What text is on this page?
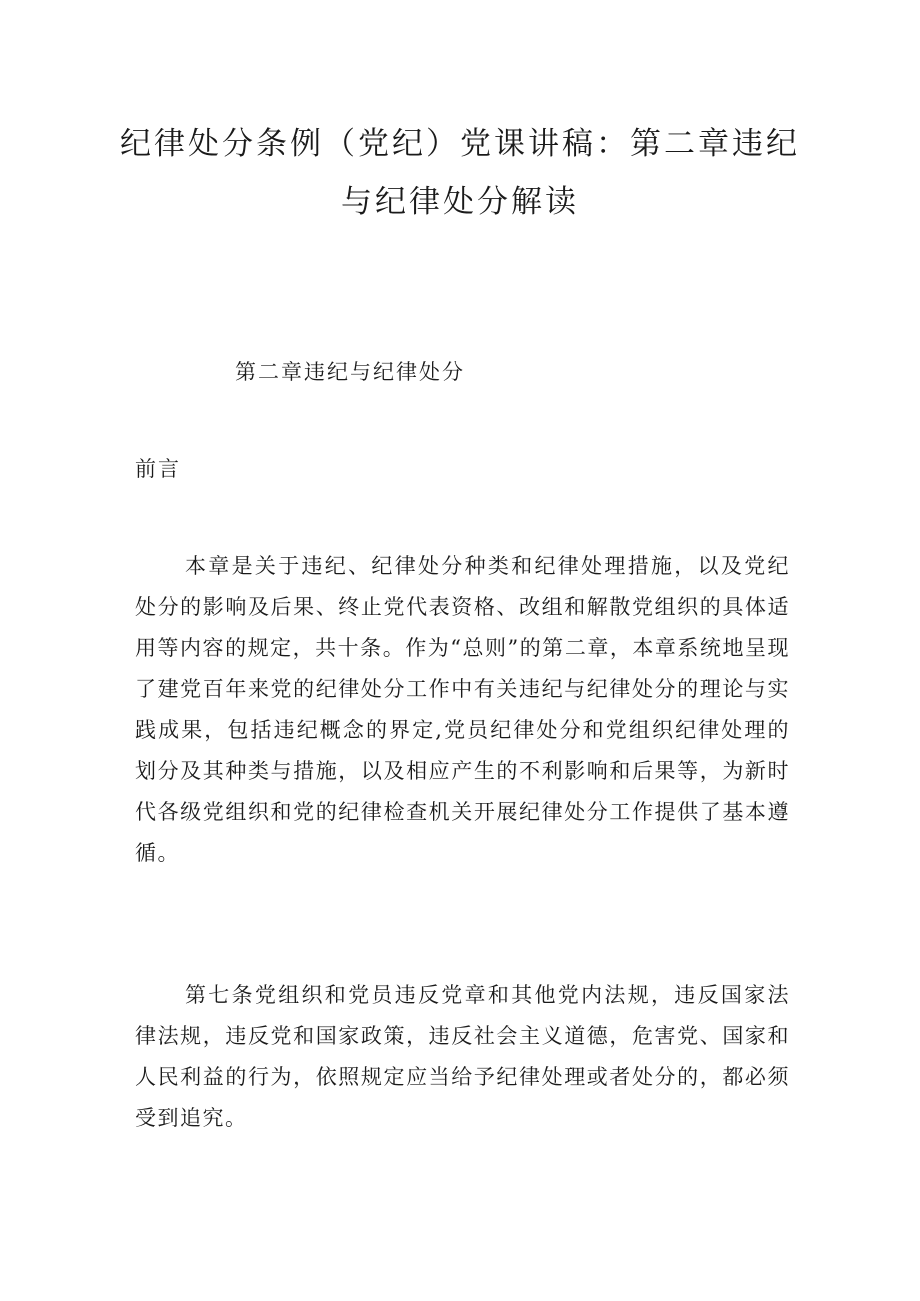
纪律处分条例（党纪）党课讲稿：第二章违纪
与纪律处分解读
第二章违纪与纪律处分
前言

本章是关于违纪、纪律处分种类和纪律处理措施，以及党纪处分的影响及后果、终止党代表资格、改组和解散党组织的具体适用等内容的规定，共十条。作为“总则”的第二章，本章系统地呈现了建党百年来党的纪律处分工作中有关违纪与纪律处分的理论与实践成果，包括违纪概念的界定,党员纪律处分和党组织纪律处理的划分及其种类与措施，以及相应产生的不利影响和后果等，为新时代各级党组织和党的纪律检查机关开展纪律处分工作提供了基本遵循。

第七条党组织和党员违反党章和其他党内法规，违反国家法律法规，违反党和国家政策，违反社会主义道德，危害党、国家和人民利益的行为，依照规定应当给予纪律处理或者处分的，都必须受到追究。
